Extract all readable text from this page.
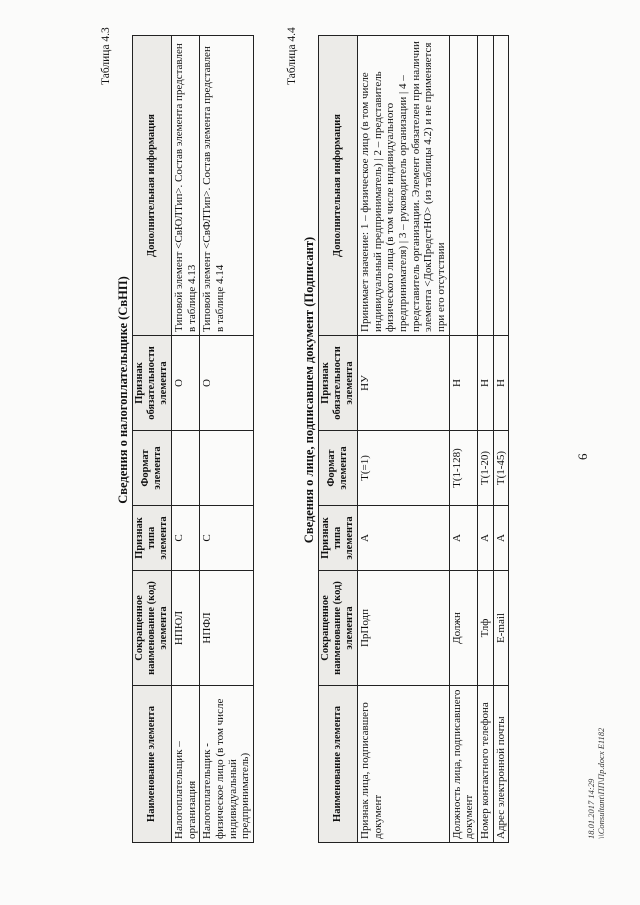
6
Таблица 4.3
Сведения о налогоплательщике (СвНП)
Наименование элемента	Сокращенное наименование (код) элемента	Признак типа элемента	Формат элемента	Признак обязательности элемента	Дополнительная информация
Налогоплательщик – организация	НПЮЛ	С		О	Типовой элемент <СвЮЛТип>. Состав элемента представлен в таблице 4.13
Налогоплательщик - физическое лицо (в том числе индивидуальный предприниматель)	НПФЛ	С		О	Типовой элемент <СвФЛТип>. Состав элемента представлен в таблице 4.14
Таблица 4.4
Сведения о лице, подписавшем документ (Подписант)
Наименование элемента	Сокращенное наименование (код) элемента	Признак типа элемента	Формат элемента	Признак обязательности элемента	Дополнительная информация
Признак лица, подписавшего документ	ПрПодп	А	Т(=1)	НУ	Принимает значение: 1 – физическое лицо (в том числе индивидуальный предприниматель) | 2 – представитель физического лица (в том числе индивидуального предпринимателя) | 3 – руководитель организации | 4 – представитель организации. Элемент обязателен при наличии элемента <ДокПредстНО> (из таблицы 4.2) и не применяется при его отсутствии
Должность лица, подписавшего документ	Должн	А	Т(1-128)	Н	
Номер контактного телефона	Тлф	А	Т(1-20)	Н	
Адрес электронной почты	E-mail	А	Т(1-45)	Н	
18.01.2017 14:29 \\Consultant\ПП\Пр.docx E1182
